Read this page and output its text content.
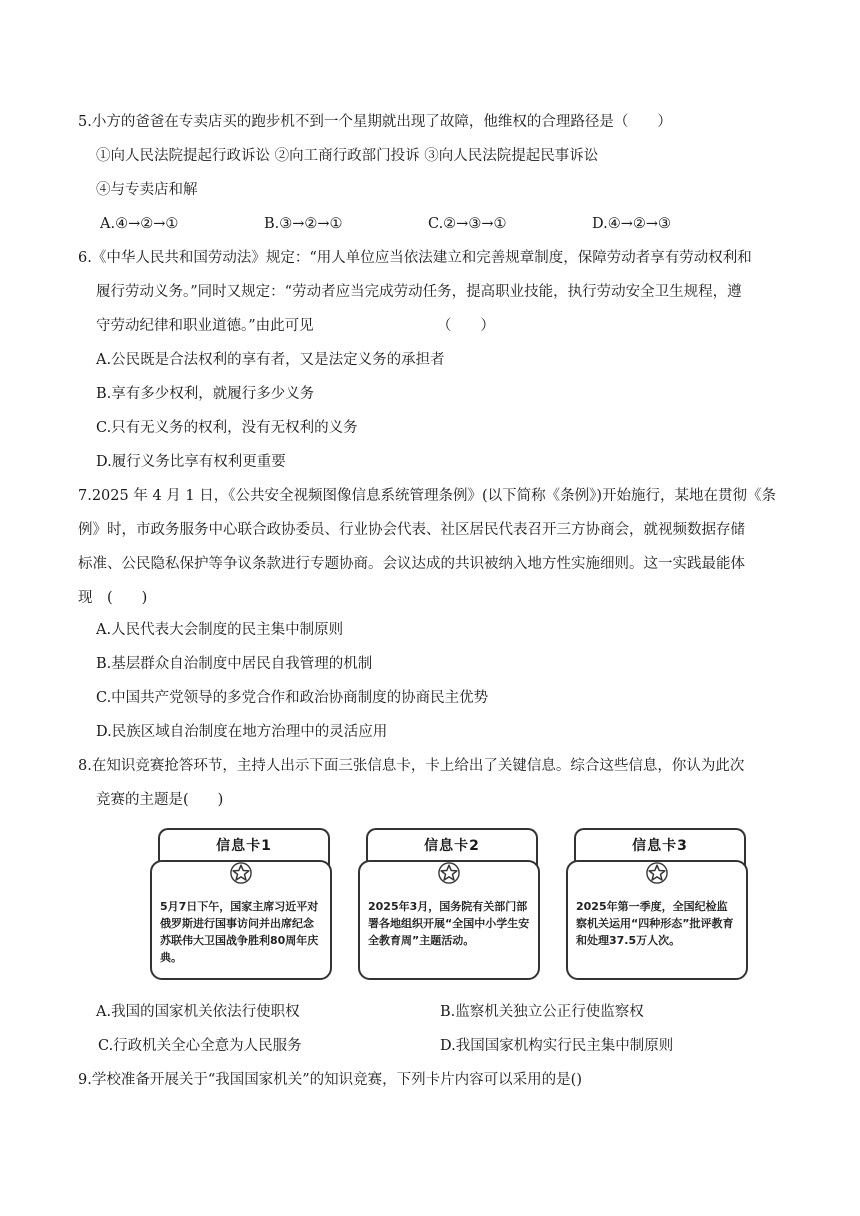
5.小方的爸爸在专卖店买的跑步机不到一个星期就出现了故障，他维权的合理路径是（　　）
①向人民法院提起行政诉讼 ②向工商行政部门投诉 ③向人民法院提起民事诉讼
④与专卖店和解
A.④→②→①	B.③→②→①	C.②→③→①	D.④→②→③
6.《中华人民共和国劳动法》规定：“用人单位应当依法建立和完善规章制度，保障劳动者享有劳动权利和
履行劳动义务。”同时又规定：“劳动者应当完成劳动任务，提高职业技能，执行劳动安全卫生规程，遵
守劳动纪律和职业道德。”由此可见　　　　　　　　　（　　）
A.公民既是合法权利的享有者，又是法定义务的承担者
B.享有多少权利，就履行多少义务
C.只有无义务的权利，没有无权利的义务
D.履行义务比享有权利更重要
7.2025 年 4 月 1 日，《公共安全视频图像信息系统管理条例》(以下简称《条例》)开始施行，某地在贯彻《条
例》时，市政务服务中心联合政协委员、行业协会代表、社区居民代表召开三方协商会，就视频数据存储
标准、公民隐私保护等争议条款进行专题协商。会议达成的共识被纳入地方性实施细则。这一实践最能体
现　(　　)
A.人民代表大会制度的民主集中制原则
B.基层群众自治制度中居民自我管理的机制
C.中国共产党领导的多党合作和政治协商制度的协商民主优势
D.民族区域自治制度在地方治理中的灵活应用
8.在知识竞赛抢答环节，主持人出示下面三张信息卡，卡上给出了关键信息。综合这些信息，你认为此次
竞赛的主题是(　　)
信息卡1
5月7日下午，国家主席习近平对俄罗斯进行国事访问并出席纪念苏联伟大卫国战争胜利80周年庆典。
信息卡2
2025年3月，国务院有关部门部署各地组织开展“全国中小学生安全教育周”主题活动。
信息卡3
2025年第一季度，全国纪检监察机关运用“四种形态”批评教育和处理37.5万人次。
A.我国的国家机关依法行使职权	B.监察机关独立公正行使监察权
C.行政机关全心全意为人民服务	D.我国国家机构实行民主集中制原则
9.学校准备开展关于“我国国家机关”的知识竞赛，下列卡片内容可以采用的是()
